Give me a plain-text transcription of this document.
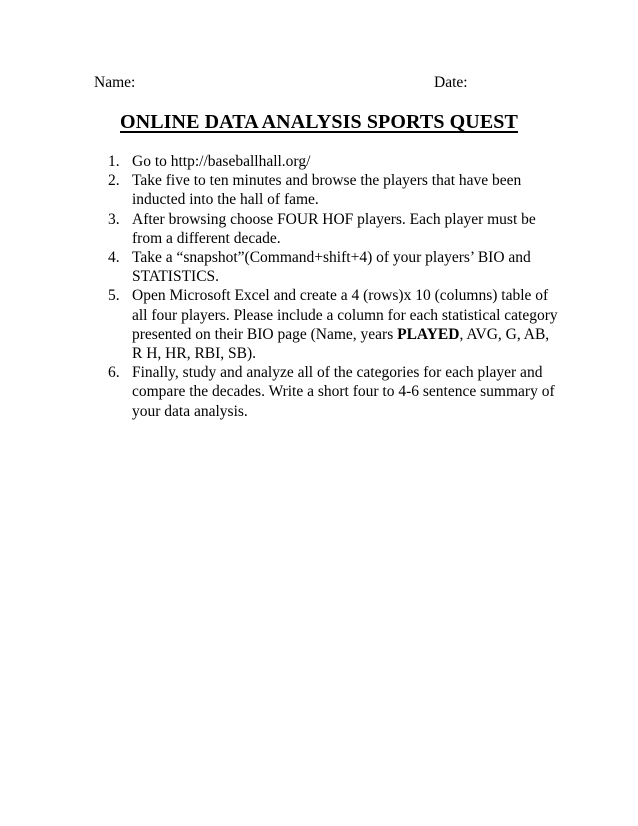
Name:	Date:
ONLINE DATA ANALYSIS SPORTS QUEST
1. Go to http://baseballhall.org/
2. Take five to ten minutes and browse the players that have been inducted into the hall of fame.
3. After browsing choose FOUR HOF players. Each player must be from a different decade.
4. Take a “snapshot”(Command+shift+4) of your players’ BIO and STATISTICS.
5. Open Microsoft Excel and create a 4 (rows)x 10 (columns) table of all four players. Please include a column for each statistical category presented on their BIO page (Name, years PLAYED, AVG, G, AB, R H, HR, RBI, SB).
6. Finally, study and analyze all of the categories for each player and compare the decades. Write a short four to 4-6 sentence summary of your data analysis.
